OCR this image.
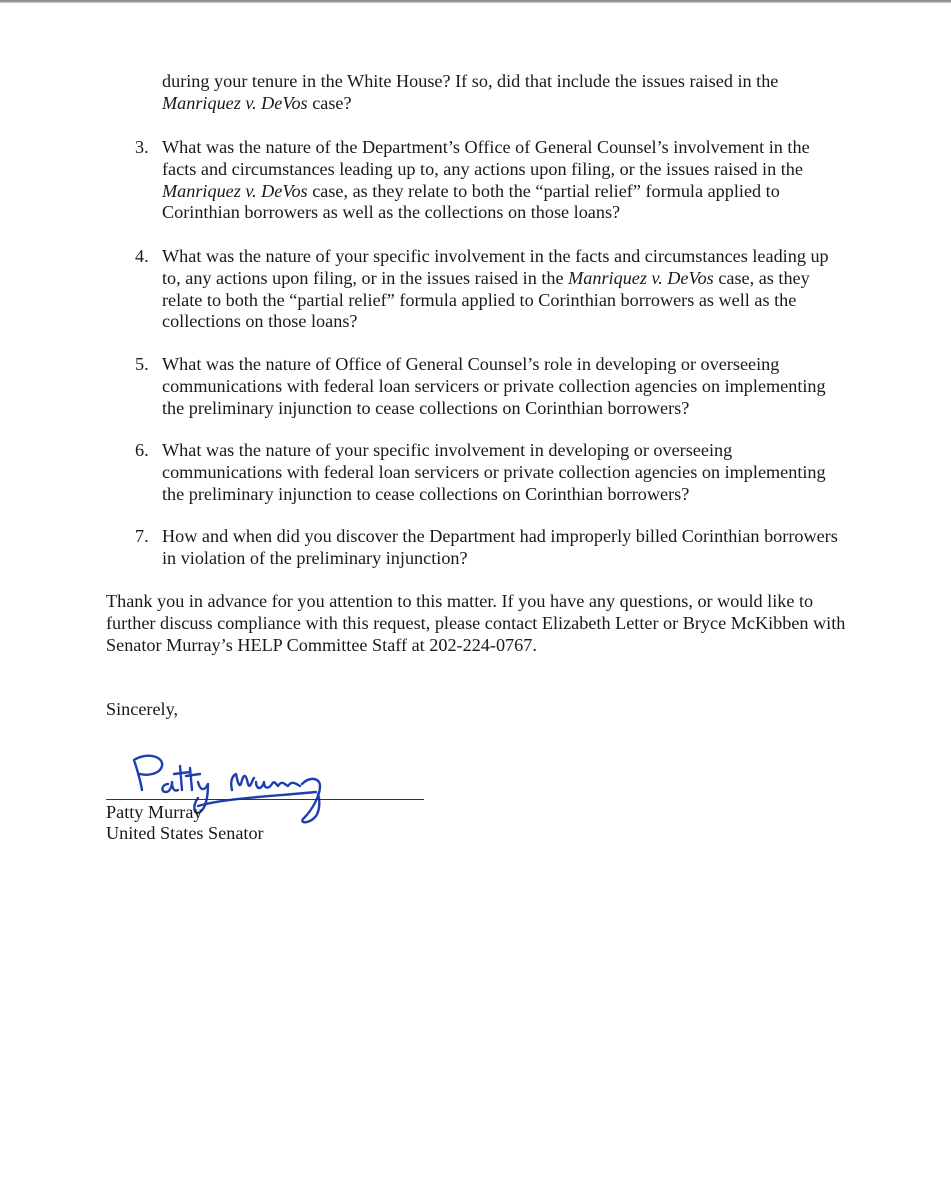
during your tenure in the White House? If so, did that include the issues raised in the Manriquez v. DeVos case?

3. What was the nature of the Department’s Office of General Counsel’s involvement in the facts and circumstances leading up to, any actions upon filing, or the issues raised in the Manriquez v. DeVos case, as they relate to both the “partial relief” formula applied to Corinthian borrowers as well as the collections on those loans?
4. What was the nature of your specific involvement in the facts and circumstances leading up to, any actions upon filing, or in the issues raised in the Manriquez v. DeVos case, as they relate to both the “partial relief” formula applied to Corinthian borrowers as well as the collections on those loans?
5. What was the nature of Office of General Counsel’s role in developing or overseeing communications with federal loan servicers or private collection agencies on implementing the preliminary injunction to cease collections on Corinthian borrowers?
6. What was the nature of your specific involvement in developing or overseeing communications with federal loan servicers or private collection agencies on implementing the preliminary injunction to cease collections on Corinthian borrowers?
7. How and when did you discover the Department had improperly billed Corinthian borrowers in violation of the preliminary injunction?

Thank you in advance for you attention to this matter. If you have any questions, or would like to further discuss compliance with this request, please contact Elizabeth Letter or Bryce McKibben with Senator Murray’s HELP Committee Staff at 202-224-0767.

Sincerely,

Patty Murray
United States Senator
